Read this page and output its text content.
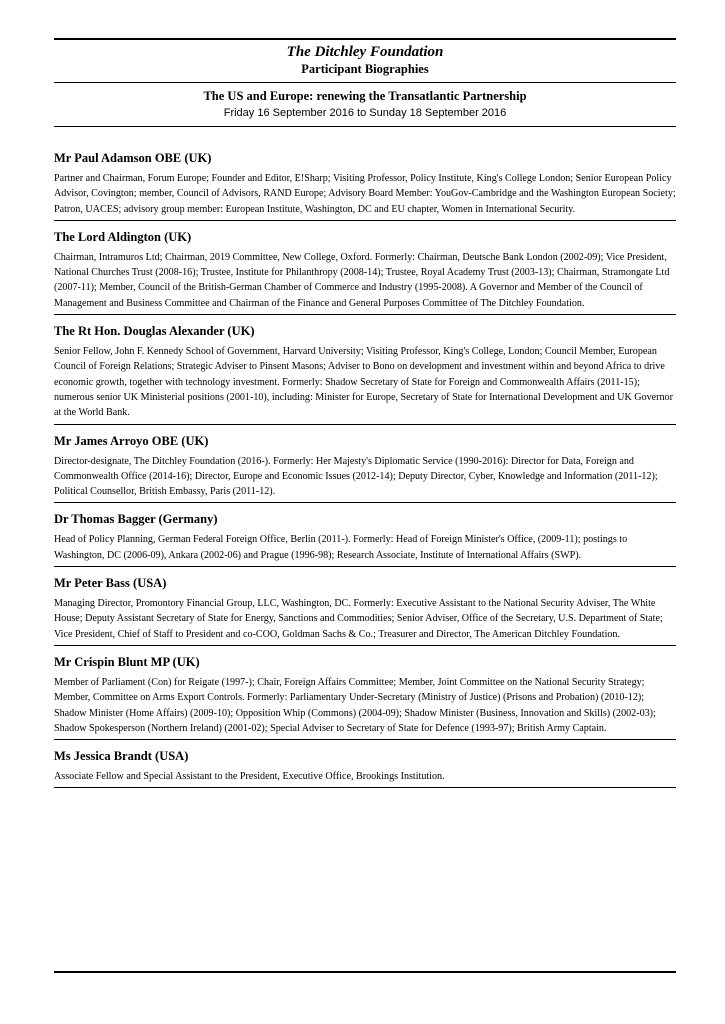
The Ditchley Foundation
Participant Biographies
The US and Europe: renewing the Transatlantic Partnership
Friday 16 September 2016 to Sunday 18 September 2016
Mr Paul Adamson OBE (UK)
Partner and Chairman, Forum Europe; Founder and Editor, E!Sharp; Visiting Professor, Policy Institute, King's College London; Senior European Policy Advisor, Covington; member, Council of Advisors, RAND Europe; Advisory Board Member: YouGov-Cambridge and the Washington European Society; Patron, UACES; advisory group member: European Institute, Washington, DC and EU chapter, Women in International Security.
The Lord Aldington (UK)
Chairman, Intramuros Ltd; Chairman, 2019 Committee, New College, Oxford. Formerly: Chairman, Deutsche Bank London (2002-09); Vice President, National Churches Trust (2008-16); Trustee, Institute for Philanthropy (2008-14); Trustee, Royal Academy Trust (2003-13); Chairman, Stramongate Ltd (2007-11); Member, Council of the British-German Chamber of Commerce and Industry (1995-2008). A Governor and Member of the Council of Management and Business Committee and Chairman of the Finance and General Purposes Committee of The Ditchley Foundation.
The Rt Hon. Douglas Alexander (UK)
Senior Fellow, John F. Kennedy School of Government, Harvard University; Visiting Professor, King's College, London; Council Member, European Council of Foreign Relations; Strategic Adviser to Pinsent Masons; Adviser to Bono on development and investment within and beyond Africa to drive economic growth, together with technology investment. Formerly: Shadow Secretary of State for Foreign and Commonwealth Affairs (2011-15); numerous senior UK Ministerial positions (2001-10), including: Minister for Europe, Secretary of State for International Development and UK Governor at the World Bank.
Mr James Arroyo OBE (UK)
Director-designate, The Ditchley Foundation (2016-). Formerly: Her Majesty's Diplomatic Service (1990-2016): Director for Data, Foreign and Commonwealth Office (2014-16); Director, Europe and Economic Issues (2012-14); Deputy Director, Cyber, Knowledge and Information (2011-12); Political Counsellor, British Embassy, Paris (2011-12).
Dr Thomas Bagger (Germany)
Head of Policy Planning, German Federal Foreign Office, Berlin (2011-). Formerly: Head of Foreign Minister's Office, (2009-11); postings to Washington, DC (2006-09), Ankara (2002-06) and Prague (1996-98); Research Associate, Institute of International Affairs (SWP).
Mr Peter Bass (USA)
Managing Director, Promontory Financial Group, LLC, Washington, DC. Formerly: Executive Assistant to the National Security Adviser, The White House; Deputy Assistant Secretary of State for Energy, Sanctions and Commodities; Senior Adviser, Office of the Secretary, U.S. Department of State; Vice President, Chief of Staff to President and co-COO, Goldman Sachs & Co.; Treasurer and Director, The American Ditchley Foundation.
Mr Crispin Blunt MP (UK)
Member of Parliament (Con) for Reigate (1997-); Chair, Foreign Affairs Committee; Member, Joint Committee on the National Security Strategy; Member, Committee on Arms Export Controls. Formerly: Parliamentary Under-Secretary (Ministry of Justice) (Prisons and Probation) (2010-12); Shadow Minister (Home Affairs) (2009-10); Opposition Whip (Commons) (2004-09); Shadow Minister (Business, Innovation and Skills) (2002-03); Shadow Spokesperson (Northern Ireland) (2001-02); Special Adviser to Secretary of State for Defence (1993-97); British Army Captain.
Ms Jessica Brandt (USA)
Associate Fellow and Special Assistant to the President, Executive Office, Brookings Institution.
